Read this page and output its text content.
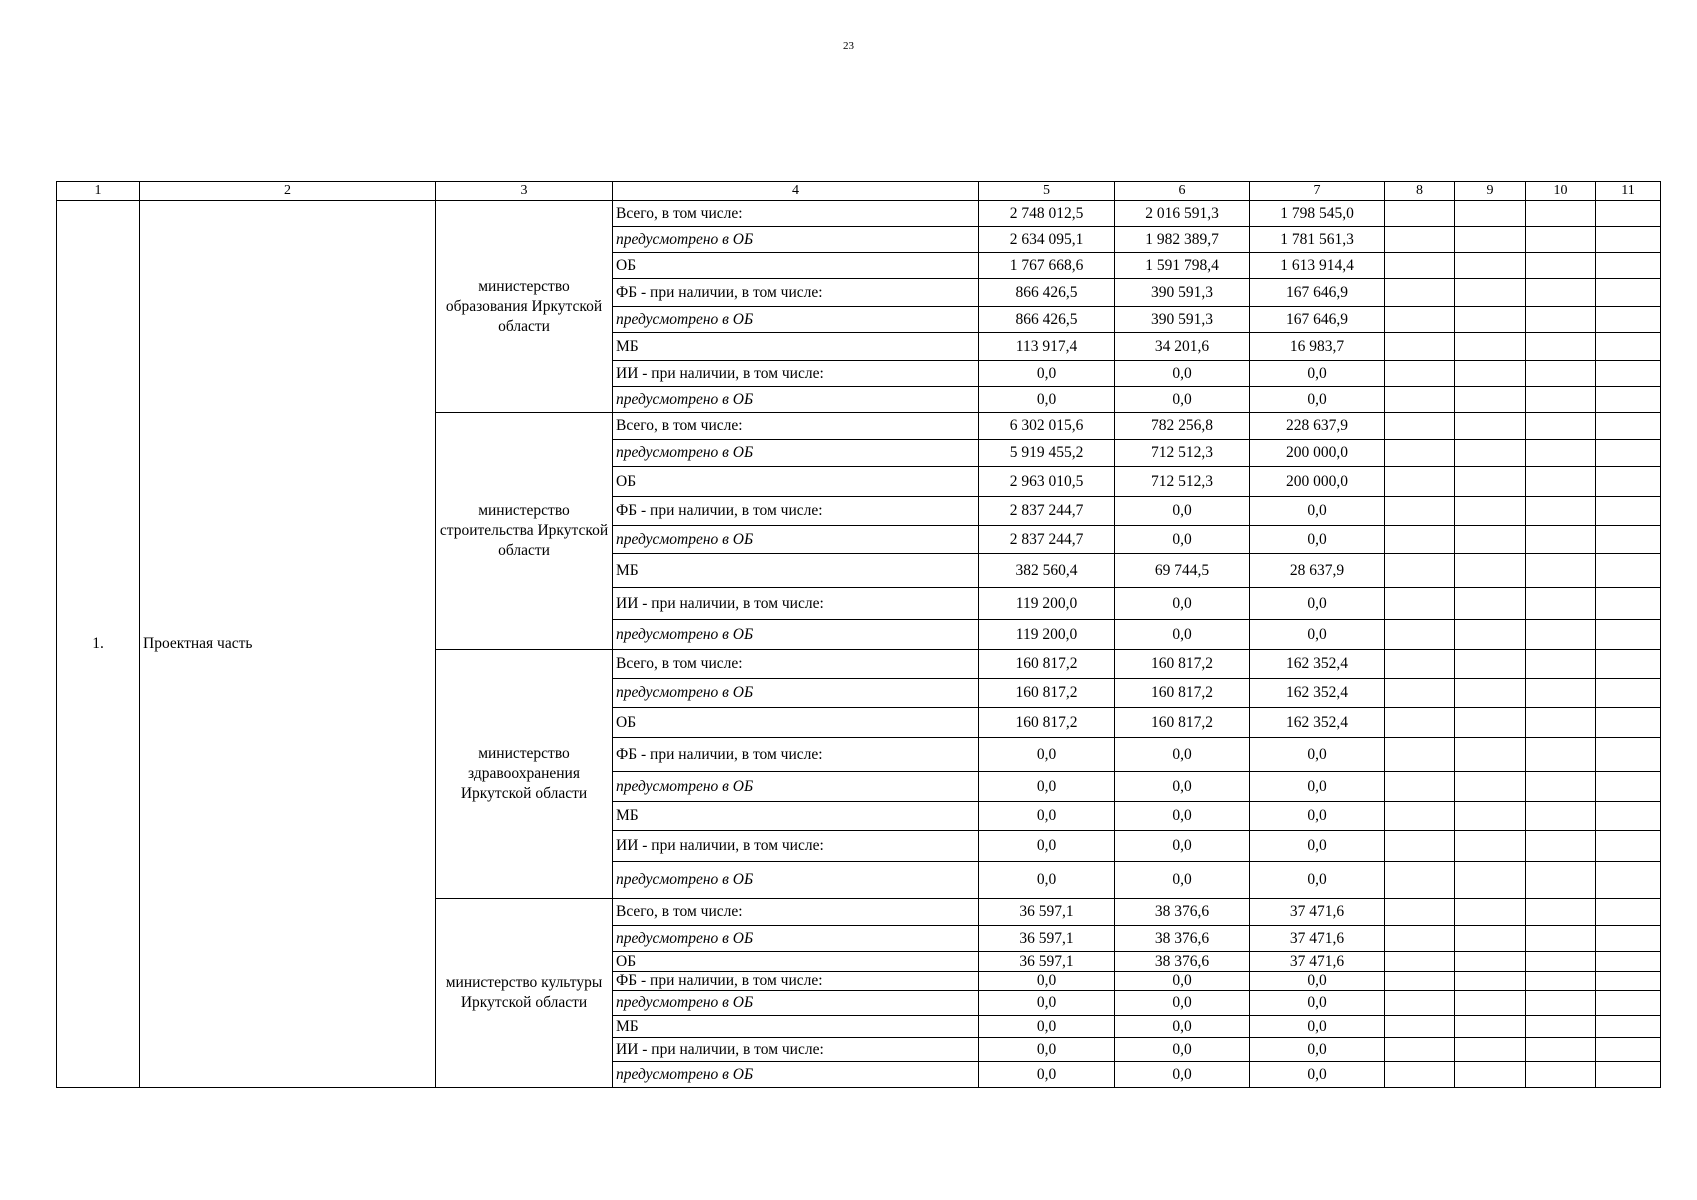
23
1	2	3	4	5	6	7	8	9	10	11
1.	Проектная часть	министерство образования Иркутской области	Всего, в том числе:	2 748 012,5	2 016 591,3	1 798 545,0				
			предусмотрено в ОБ	2 634 095,1	1 982 389,7	1 781 561,3				
			ОБ	1 767 668,6	1 591 798,4	1 613 914,4				
			ФБ - при наличии, в том числе:	866 426,5	390 591,3	167 646,9				
			предусмотрено в ОБ	866 426,5	390 591,3	167 646,9				
			МБ	113 917,4	34 201,6	16 983,7				
			ИИ - при наличии, в том числе:	0,0	0,0	0,0				
			предусмотрено в ОБ	0,0	0,0	0,0				
		министерство строительства Иркутской области	Всего, в том числе:	6 302 015,6	782 256,8	228 637,9				
			предусмотрено в ОБ	5 919 455,2	712 512,3	200 000,0				
			ОБ	2 963 010,5	712 512,3	200 000,0				
			ФБ - при наличии, в том числе:	2 837 244,7	0,0	0,0				
			предусмотрено в ОБ	2 837 244,7	0,0	0,0				
			МБ	382 560,4	69 744,5	28 637,9				
			ИИ - при наличии, в том числе:	119 200,0	0,0	0,0				
			предусмотрено в ОБ	119 200,0	0,0	0,0				
		министерство здравоохранения Иркутской области	Всего, в том числе:	160 817,2	160 817,2	162 352,4				
			предусмотрено в ОБ	160 817,2	160 817,2	162 352,4				
			ОБ	160 817,2	160 817,2	162 352,4				
			ФБ - при наличии, в том числе:	0,0	0,0	0,0				
			предусмотрено в ОБ	0,0	0,0	0,0				
			МБ	0,0	0,0	0,0				
			ИИ - при наличии, в том числе:	0,0	0,0	0,0				
			предусмотрено в ОБ	0,0	0,0	0,0				
		министерство культуры Иркутской области	Всего, в том числе:	36 597,1	38 376,6	37 471,6				
			предусмотрено в ОБ	36 597,1	38 376,6	37 471,6				
			ОБ	36 597,1	38 376,6	37 471,6				
			ФБ - при наличии, в том числе:	0,0	0,0	0,0				
			предусмотрено в ОБ	0,0	0,0	0,0				
			МБ	0,0	0,0	0,0				
			ИИ - при наличии, в том числе:	0,0	0,0	0,0				
			предусмотрено в ОБ	0,0	0,0	0,0				
